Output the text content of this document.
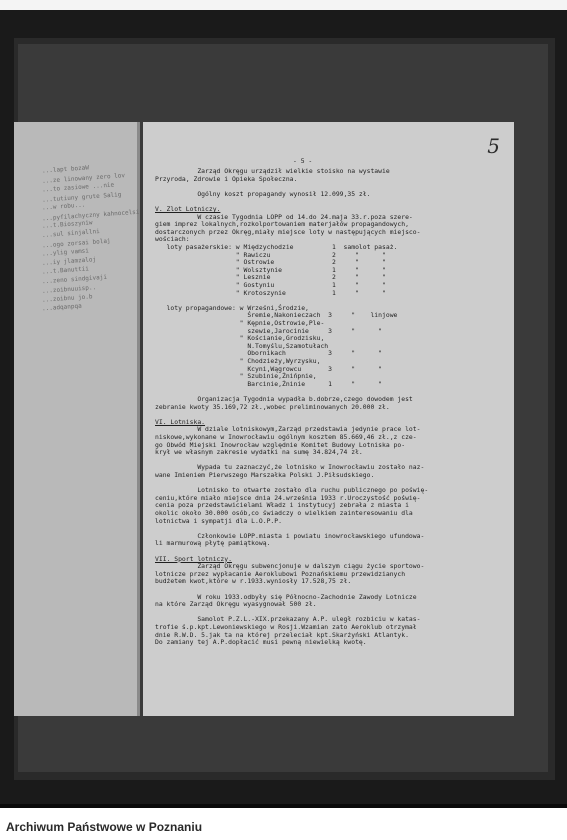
...lapt bozaW
...ze linowany zero lov
...to zasiowe ...nie
...tutiuny grute Salig
...w robu...
...pyfilachyczny kahnocelsi
...t.Bioszyniw
...sul sinjallni
...ogo zorsai bolaj
...ylig vamsi
...iy jlamzaloj
...t.Banuttii
...zeno sindgivaji
...zoibnuuisp..
...zoibnu jo.b
...adqanpqa
5
- 5 -
Zarząd Okręgu urządził wielkie stoisko na wystawie
Przyroda, Zdrowie i Opieka Społeczna.
Ogólny koszt propagandy wynosił 12.099,35 zł.
V. Zlot Lotniczy.
W czasie Tygodnia LOPP od 14.do 24.maja 33.r.poza szere-
giem imprez lokalnych,rozkolportowaniem materjałów propagandowych,
dostarczonych przez Okręg,miały miejsce loty w następujących miejsco-
wościach:
loty pasażerskie: w Międzychodzie          1  samolot pasaż.
" Rawiczu                2     "      "
" Ostrowie               2     "      "
" Wolsztynie             1     "      "
" Lesznie                2     "      "
" Gostyniu               1     "      "
" Krotoszynie            1     "      "
loty propagandowe: w Wrześni,Środzie,
Śremie,Nakonieczach  3     "    linjowe
" Kępnie,Ostrowie,Ple-
szewie,Jarocinie     3     "      "
" Kościanie,Grodzisku,
N.Tomyślu,Szamotułach
Obornikach           3     "      "
" Chodzieży,Wyrzysku,
Kcyni,Wągrowcu       3     "      "
" Szubinie,Żnińpnie,
Barcinie,Żninie      1     "      "
Organizacja Tygodnia wypadła b.dobrze,czego dowodem jest
zebranie kwoty 35.169,72 zł.,wobec preliminowanych 20.000 zł.
VI. Lotniska.
W dziale lotniskowym,Zarząd przedstawia jedynie prace lot-
niskowe,wykonane w Inowrocławiu ogólnym kosztem 85.669,46 zł.,z cze-
go Obwód Miejski Inowrocław względnie Komitet Budowy Lotniska po-
krył we własnym zakresie wydatki na sumę 34.824,74 zł.
Wypada tu zaznaczyć,że lotnisko w Inowrocławiu zostało naz-
wane Imieniem Pierwszego Marszałka Polski J.Piłsudskiego.
Lotnisko to otwarte zostało dla ruchu publicznego po poświę-
ceniu,które miało miejsce dnia 24.września 1933 r.Uroczystość poświę-
cenia poza przedstawicielami Władz i instytucyj zebrała z miasta i
okolic około 30.000 osób,co świadczy o wielkiem zainteresowaniu dla
lotnictwa i sympatji dla L.O.P.P.
Członkowie LOPP.miasta i powiatu inowrocławskiego ufundowa-
li marmurową płytę pamiątkową.
VII. Sport lotniczy.
Zarząd Okręgu subwencjonuje w dalszym ciągu życie sportowo-
lotnicze przez wypłacanie Aeroklubowi Poznańskiemu przewidzianych
budżetem kwot,które w r.1933.wyniosły 17.528,75 zł.
W roku 1933.odbyły się Północno-Zachodnie Zawody Lotnicze
na które Zarząd Okręgu wyasygnował 500 zł.
Samolot P.Z.L.-XIX.przekazany A.P. uległ rozbiciu w katas-
trofie ś.p.kpt.Lewoniewskiego w Rosji.Wzamian zato Aeroklub otrzymał
dnie R.W.D. 5.jak ta na której przeleciał kpt.Skarżyński Atlantyk.
Do zamiany tej A.P.dopłacić musi pewną niewielką kwotę.
Archiwum Państwowe w Poznaniu
